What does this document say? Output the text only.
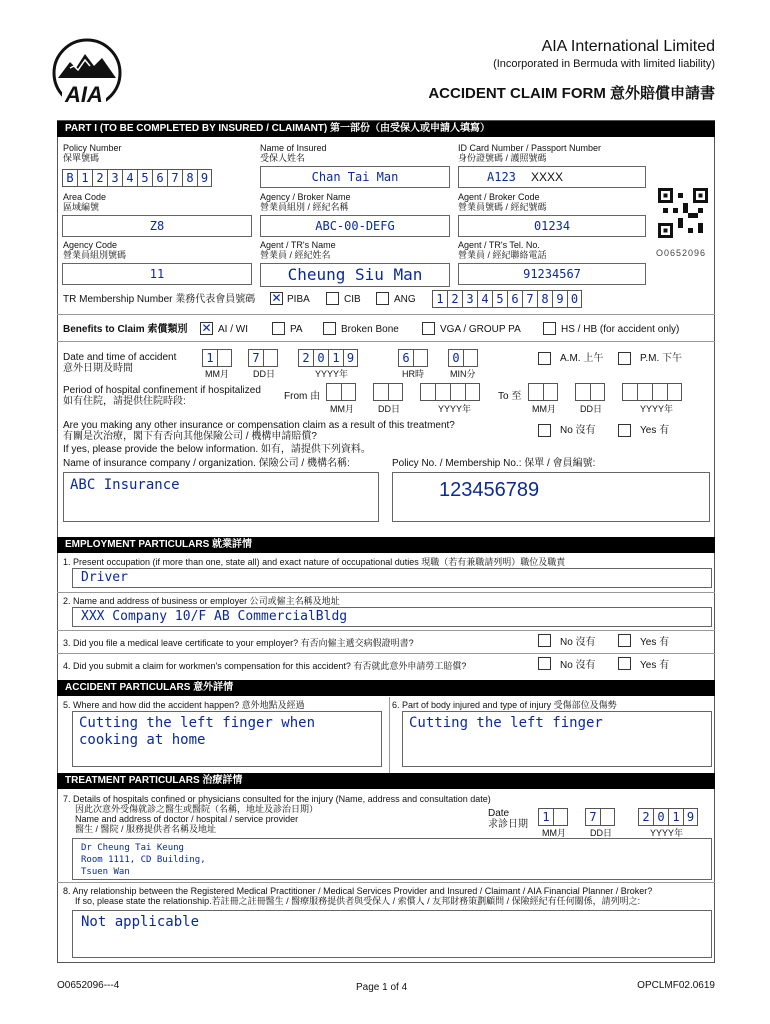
AIA
AIA International Limited
(Incorporated in Bermuda with limited liability)
ACCIDENT CLAIM FORM 意外賠償申請書
PART I (TO BE COMPLETED BY INSURED / CLAIMANT) 第一部份（由受保人或申請人填寫）
Policy Number
保單號碼
B 1 2 3 4 5 6 7 8 9
Name of Insured
受保人姓名
Chan Tai Man
ID Card Number / Passport Number
身份證號碼 / 護照號碼
A123 XXXX
Area Code
區域編號
Z8
Agency / Broker Name
營業員組別 / 經紀名稱
ABC-00-DEFG
Agent / Broker Code
營業員號碼 / 經紀號碼
01234
O0652096
Agency Code
營業員組別號碼
11
Agent / TR's Name
營業員 / 經紀姓名
Cheung Siu Man
Agent / TR's Tel. No.
營業員 / 經紀聯絡電話
91234567
TR Membership Number 業務代表會員號碼 ✕ PIBA	CIB	ANG	1 2 3 4 5 6 7 8 9 0
Benefits to Claim 索償類別 ✕ AI / WI	PA	Broken Bone	VGA / GROUP PA	HS / HB (for accident only)
Date and time of accident
意外日期及時間
1	7	2 0 1 9	6	0
MM月	DD日	YYYY年	HR時	MIN分
A.M. 上午	P.M. 下午
Period of hospital confinement if hospitalized
如有住院，請提供住院時段:	From 由
MM月	DD日	YYYY年
To 至
MM月	DD日	YYYY年
Are you making any other insurance or compensation claim as a result of this treatment?
有關是次治療，閣下有否向其他保險公司 / 機構申請賠償?
No 沒有	Yes 有
If yes, please provide the below information. 如有，請提供下列資料。
Name of insurance company / organization. 保險公司 / 機構名稱:	Policy No. / Membership No.: 保單 / 會員編號:
ABC Insurance	123456789
EMPLOYMENT PARTICULARS 就業詳情
1. Present occupation (if more than one, state all) and exact nature of occupational duties 現職（若有兼職請列明）職位及職責
Driver
2. Name and address of business or employer 公司或僱主名稱及地址
XXX Company 10/F AB CommercialBldg
3. Did you file a medical leave certificate to your employer? 有否向僱主遞交病假證明書?	No 沒有	Yes 有
4. Did you submit a claim for workmen's compensation for this accident? 有否就此意外申請勞工賠償?	No 沒有	Yes 有
ACCIDENT PARTICULARS 意外詳情
5. Where and how did the accident happen? 意外地點及經過	6. Part of body injured and type of injury 受傷部位及傷勢
Cutting the left finger when cooking at home
Cutting the left finger
TREATMENT PARTICULARS 治療詳情
7. Details of hospitals confined or physicians consulted for the injury (Name, address and consultation date)
因此次意外受傷就診之醫生或醫院（名稱，地址及診治日期）
Name and address of doctor / hospital / service provider
醫生 / 醫院 / 服務提供者名稱及地址
Date
求診日期
1	7	2 0 1 9
MM月	DD日	YYYY年
Dr Cheung Tai Keung
Room 1111, CD Building,
Tsuen Wan
8. Any relationship between the Registered Medical Practitioner / Medical Services Provider and Insured / Claimant / AIA Financial Planner / Broker?
If so, please state the relationship.若註冊之註冊醫生 / 醫療服務提供者與受保人 / 索償人 / 友邦財務策劃顧問 / 保險經紀有任何關係，請列明之:
Not applicable
O0652096---4	Page 1 of 4	OPCLMF02.0619
